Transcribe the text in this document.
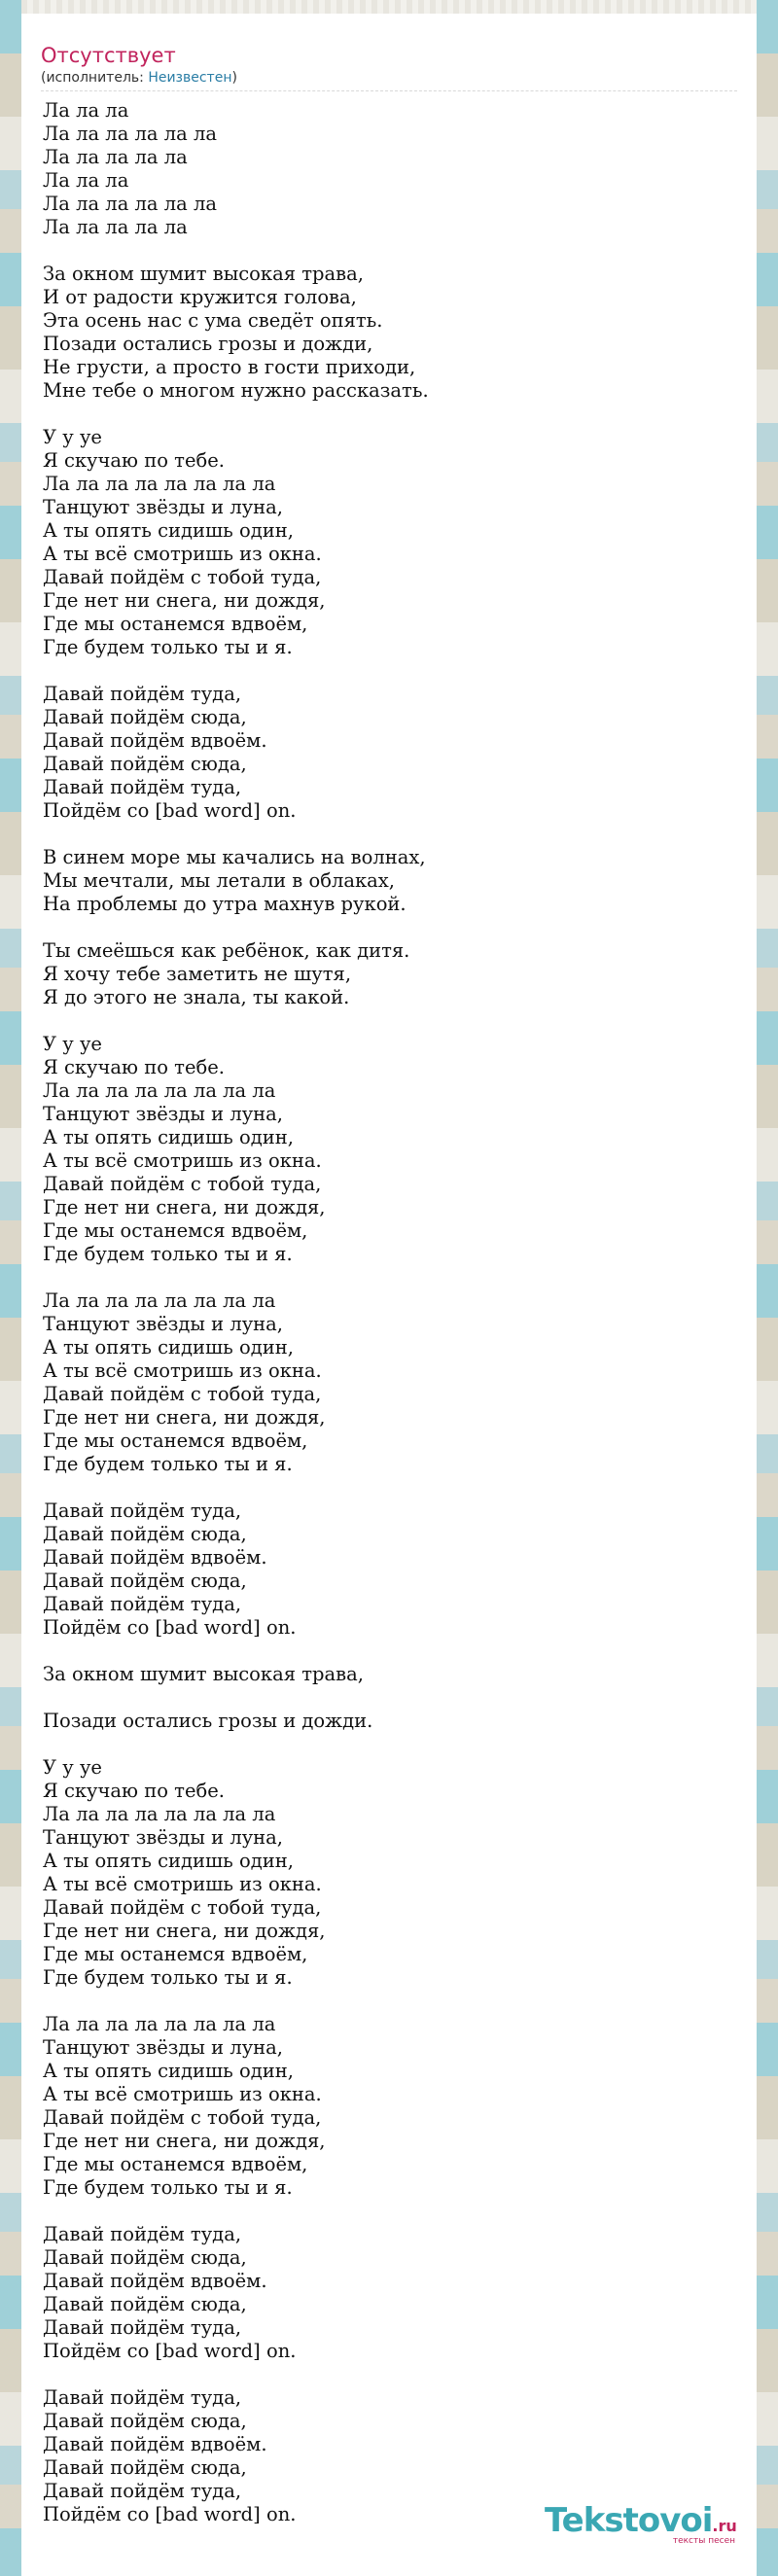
Отсутствует
(исполнитель: Неизвестен)
Ла ла ла
Ла ла ла ла ла ла
Ла ла ла ла ла
Ла ла ла
Ла ла ла ла ла ла
Ла ла ла ла ла
За окном шумит высокая трава,
И от радости кружится голова,
Эта осень нас с ума сведёт опять.
Позади остались грозы и дожди,
Не грусти, а просто в гости приходи,
Мне тебе о многом нужно рассказать.
У у уе
Я скучаю по тебе.
Ла ла ла ла ла ла ла ла
Танцуют звёзды и луна,
А ты опять сидишь один,
А ты всё смотришь из окна.
Давай пойдём с тобой туда,
Где нет ни снега, ни дождя,
Где мы останемся вдвоём,
Где будем только ты и я.
Давай пойдём туда,
Давай пойдём сюда,
Давай пойдём вдвоём.
Давай пойдём сюда,
Давай пойдём туда,
Пойдём со [bad word] on.
В синем море мы качались на волнах,
Мы мечтали, мы летали в облаках,
На проблемы до утра махнув рукой.
Ты смеёшься как ребёнок, как дитя.
Я хочу тебе заметить не шутя,
Я до этого не знала, ты какой.
У у уе
Я скучаю по тебе.
Ла ла ла ла ла ла ла ла
Танцуют звёзды и луна,
А ты опять сидишь один,
А ты всё смотришь из окна.
Давай пойдём с тобой туда,
Где нет ни снега, ни дождя,
Где мы останемся вдвоём,
Где будем только ты и я.
Ла ла ла ла ла ла ла ла
Танцуют звёзды и луна,
А ты опять сидишь один,
А ты всё смотришь из окна.
Давай пойдём с тобой туда,
Где нет ни снега, ни дождя,
Где мы останемся вдвоём,
Где будем только ты и я.
Давай пойдём туда,
Давай пойдём сюда,
Давай пойдём вдвоём.
Давай пойдём сюда,
Давай пойдём туда,
Пойдём со [bad word] on.
За окном шумит высокая трава,
Позади остались грозы и дожди.
У у уе
Я скучаю по тебе.
Ла ла ла ла ла ла ла ла
Танцуют звёзды и луна,
А ты опять сидишь один,
А ты всё смотришь из окна.
Давай пойдём с тобой туда,
Где нет ни снега, ни дождя,
Где мы останемся вдвоём,
Где будем только ты и я.
Ла ла ла ла ла ла ла ла
Танцуют звёзды и луна,
А ты опять сидишь один,
А ты всё смотришь из окна.
Давай пойдём с тобой туда,
Где нет ни снега, ни дождя,
Где мы останемся вдвоём,
Где будем только ты и я.
Давай пойдём туда,
Давай пойдём сюда,
Давай пойдём вдвоём.
Давай пойдём сюда,
Давай пойдём туда,
Пойдём со [bad word] on.
Давай пойдём туда,
Давай пойдём сюда,
Давай пойдём вдвоём.
Давай пойдём сюда,
Давай пойдём туда,
Пойдём со [bad word] on.	Tekstovoi.ru
тексты песен
